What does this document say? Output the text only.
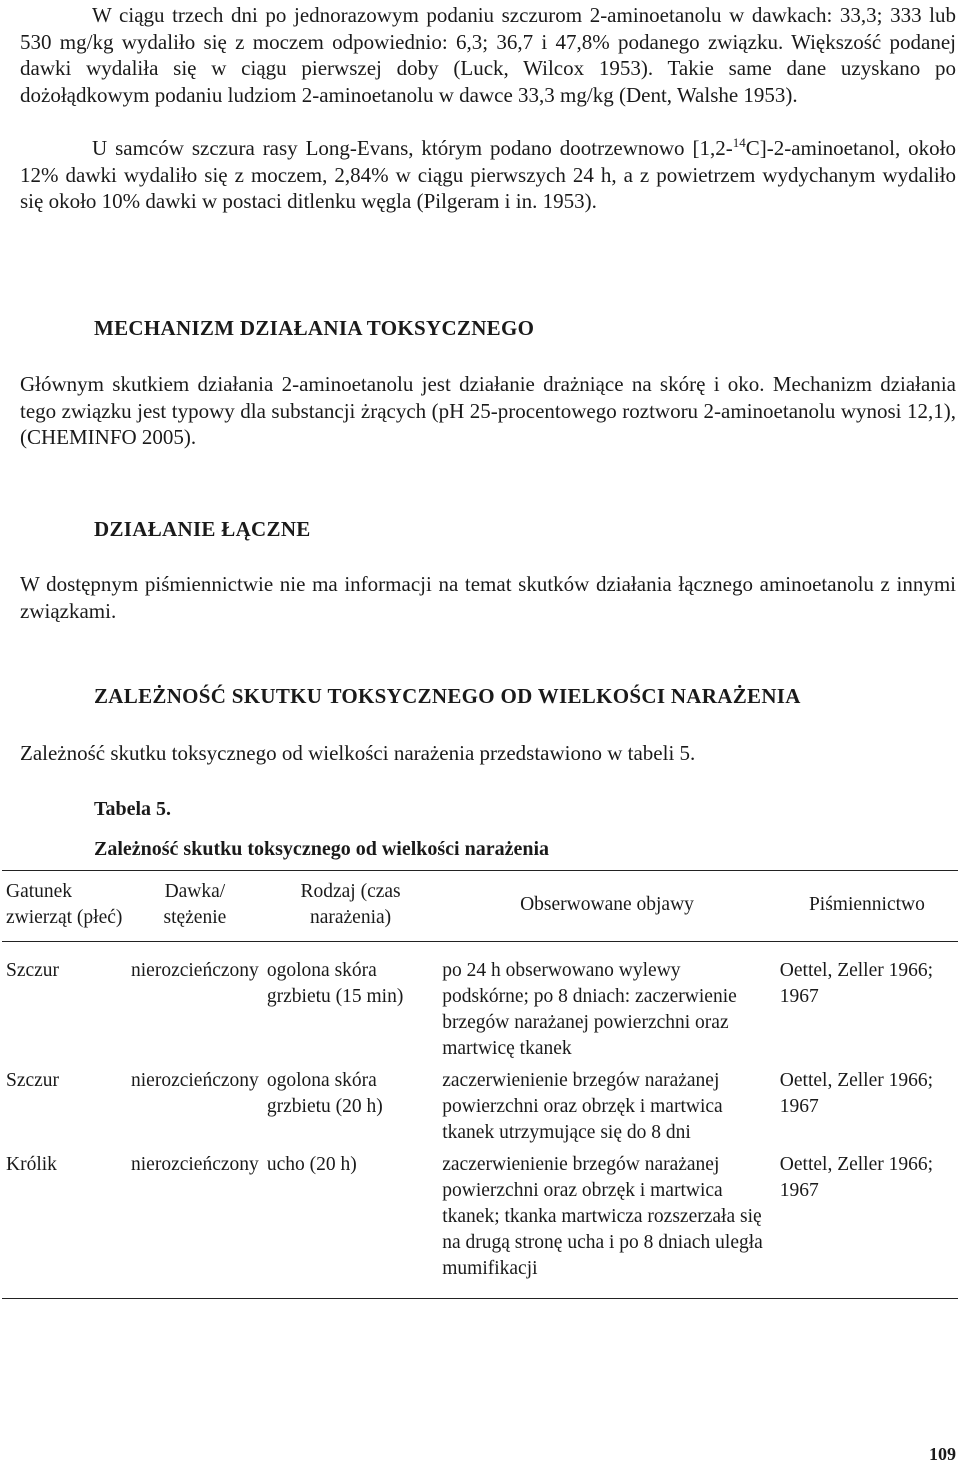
W ciągu trzech dni po jednorazowym podaniu szczurom 2-aminoetanolu w dawkach: 33,3; 333 lub 530 mg/kg wydaliło się z moczem odpowiednio: 6,3; 36,7 i 47,8% podanego związku. Większość podanej dawki wydaliła się w ciągu pierwszej doby (Luck, Wilcox 1953). Takie same dane uzyskano po dożołądkowym podaniu ludziom 2-aminoetanolu w dawce 33,3 mg/kg (Dent, Walshe 1953).

U samców szczura rasy Long-Evans, którym podano dootrzewnowo [1,2-$^{14}$C]-2-aminoetanol, około 12% dawki wydaliło się z moczem, 2,84% w ciągu pierwszych 24 h, a z powietrzem wydychanym wydaliło się około 10% dawki w postaci ditlenku węgla (Pilgeram i in. 1953).

MECHANIZM DZIAŁANIA TOKSYCZNEGO

Głównym skutkiem działania 2-aminoetanolu jest działanie drażniące na skórę i oko. Mechanizm działania tego związku jest typowy dla substancji żrących (pH 25-procentowego roztworu 2-aminoetanolu wynosi 12,1), (CHEMINFO 2005).

DZIAŁANIE ŁĄCZNE

W dostępnym piśmiennictwie nie ma informacji na temat skutków działania łącznego aminoetanolu z innymi związkami.

ZALEŻNOŚĆ SKUTKU TOKSYCZNEGO OD WIELKOŚCI NARAŻENIA

Zależność skutku toksycznego od wielkości narażenia przedstawiono w tabeli 5.

Tabela 5.

Zależność skutku toksycznego od wielkości narażenia

Gatunek zwierząt (płeć)	Dawka/ stężenie	Rodzaj (czas narażenia)	Obserwowane objawy	Piśmiennictwo
Szczur	nierozcieńczony	ogolona skóra grzbietu (15 min)	po 24 h obserwowano wylewy podskórne; po 8 dniach: zaczerwienie brzegów narażanej powierzchni oraz martwicę tkanek	Oettel, Zeller 1966; 1967
Szczur	nierozcieńczony	ogolona skóra grzbietu (20 h)	zaczerwienienie brzegów narażanej powierzchni oraz obrzęk i martwica tkanek utrzymujące się do 8 dni	Oettel, Zeller 1966; 1967
Królik	nierozcieńczony	ucho (20 h)	zaczerwienienie brzegów narażanej powierzchni oraz obrzęk i martwica tkanek; tkanka martwicza rozszerzała się na drugą stronę ucha i po 8 dniach uległa mumifikacji	Oettel, Zeller 1966; 1967

109
